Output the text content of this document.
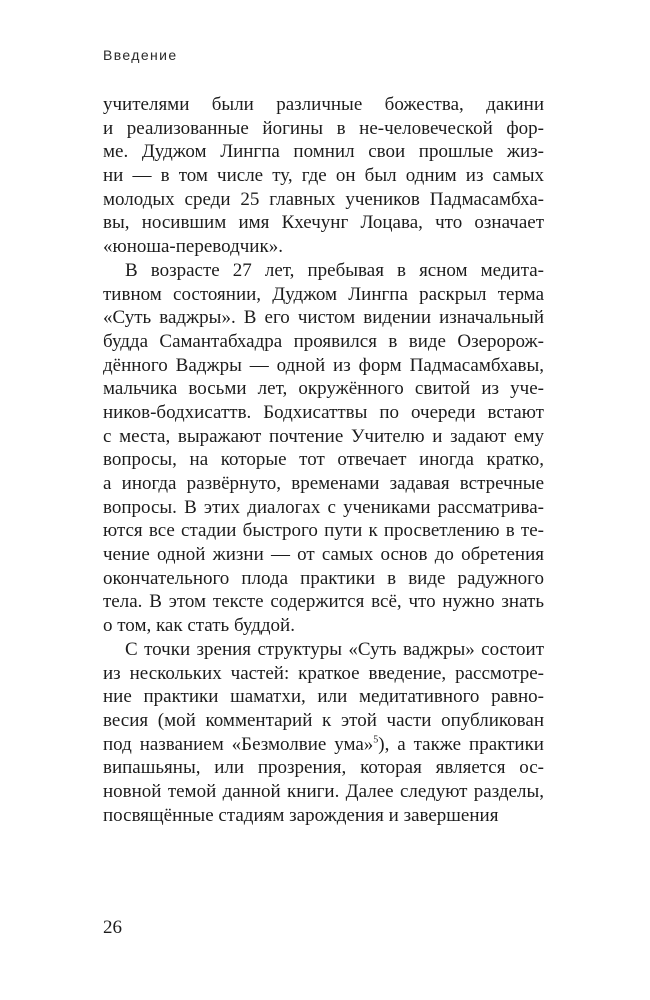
Введение
учителями были различные божества, дакини
и реализованные йогины в не-человеческой фор-
ме. Дуджом Лингпа помнил свои прошлые жиз-
ни — в том числе ту, где он был одним из самых
молодых среди 25 главных учеников Падмасамбха-
вы, носившим имя Кхечунг Лоцава, что означает
«юноша-переводчик».
В возрасте 27 лет, пребывая в ясном медита-
тивном состоянии, Дуджом Лингпа раскрыл терма
«Суть ваджры». В его чистом видении изначальный
будда Самантабхадра проявился в виде Озеророж-
дённого Ваджры — одной из форм Падмасамбхавы,
мальчика восьми лет, окружённого свитой из уче-
ников-бодхисаттв. Бодхисаттвы по очереди встают
с места, выражают почтение Учителю и задают ему
вопросы, на которые тот отвечает иногда кратко,
а иногда развёрнуто, временами задавая встречные
вопросы. В этих диалогах с учениками рассматрива-
ются все стадии быстрого пути к просветлению в те-
чение одной жизни — от самых основ до обретения
окончательного плода практики в виде радужного
тела. В этом тексте содержится всё, что нужно знать
о том, как стать буддой.
С точки зрения структуры «Суть ваджры» состоит
из нескольких частей: краткое введение, рассмотре-
ние практики шаматхи, или медитативного равно-
весия (мой комментарий к этой части опубликован
под названием «Безмолвие ума»$^5$), а также практики
випашьяны, или прозрения, которая является ос-
новной темой данной книги. Далее следуют разделы,
посвящённые стадиям зарождения и завершения
26
